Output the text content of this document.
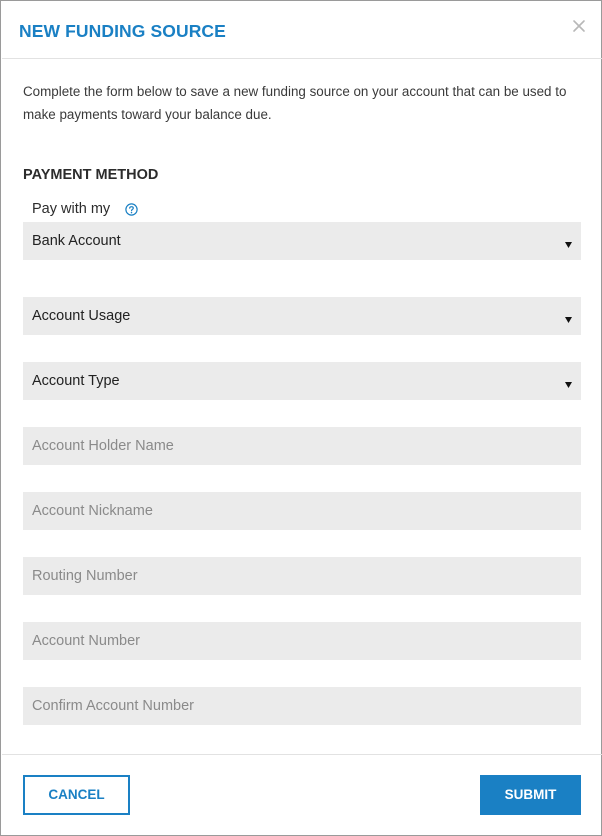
NEW FUNDING SOURCE

Complete the form below to save a new funding source on your account that can be used to make payments toward your balance due.

PAYMENT METHOD
Pay with my
Bank Account
Account Usage
Account Type
Account Holder Name
Account Nickname
Routing Number
Account Number
Confirm Account Number
CANCEL	SUBMIT
